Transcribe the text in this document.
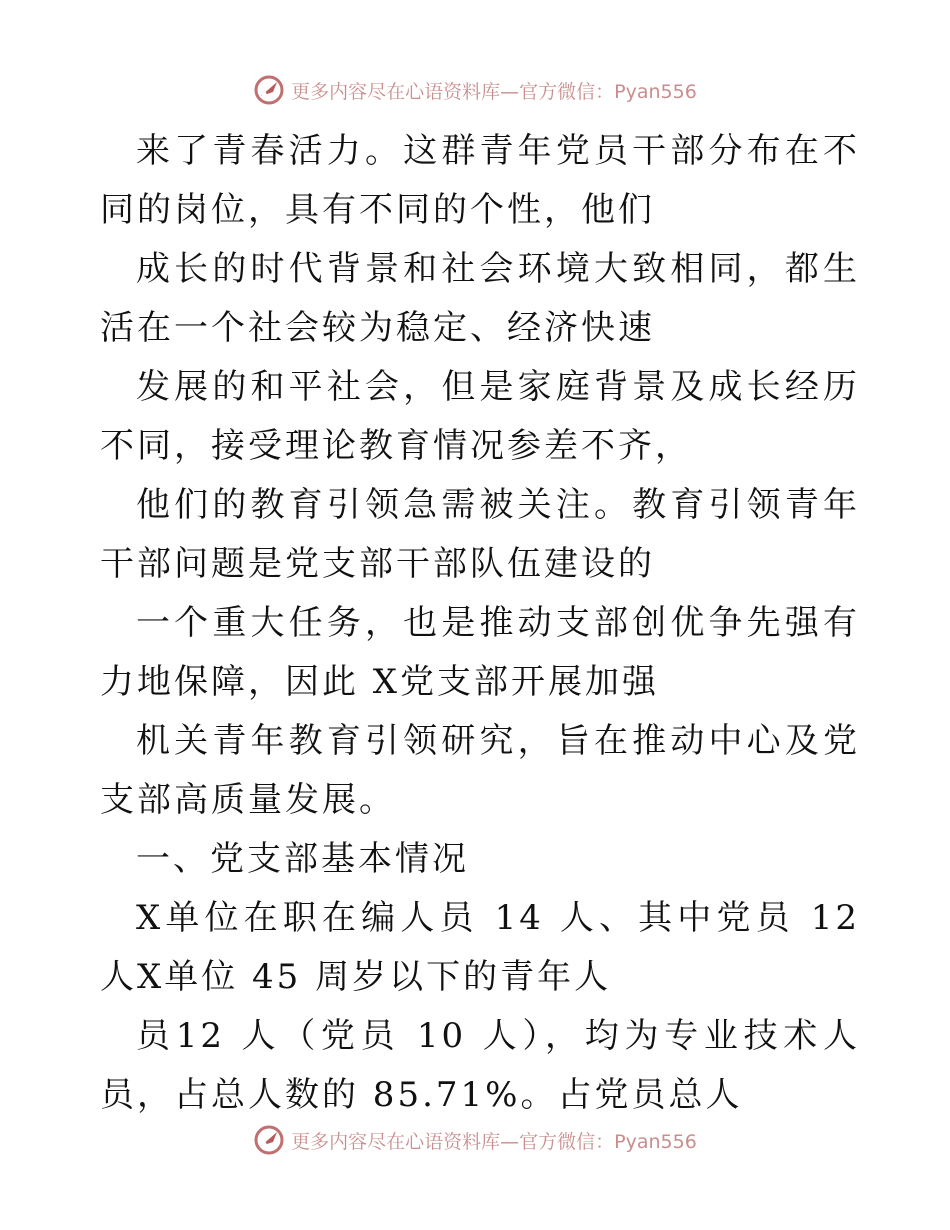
更多内容尽在心语资料库—官方微信：Pyan556

来了青春活力。这群青年党员干部分布在不同的岗位，具有不同的个性，他们

成长的时代背景和社会环境大致相同，都生活在一个社会较为稳定、经济快速

发展的和平社会，但是家庭背景及成长经历不同，接受理论教育情况参差不齐，

他们的教育引领急需被关注。教育引领青年干部问题是党支部干部队伍建设的

一个重大任务，也是推动支部创优争先强有力地保障，因此 X党支部开展加强

机关青年教育引领研究，旨在推动中心及党支部高质量发展。

一、党支部基本情况

X单位在职在编人员 14 人、其中党员 12 人X单位 45 周岁以下的青年人

员12 人（党员 10 人），均为专业技术人员，占总人数的 85.71%。占党员总人

更多内容尽在心语资料库—官方微信：Pyan556
